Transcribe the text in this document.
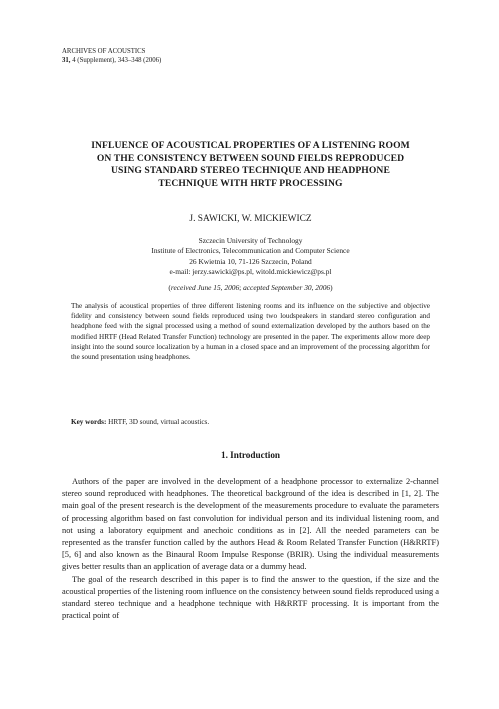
ARCHIVES OF ACOUSTICS
31, 4 (Supplement), 343–348 (2006)
INFLUENCE OF ACOUSTICAL PROPERTIES OF A LISTENING ROOM
ON THE CONSISTENCY BETWEEN SOUND FIELDS REPRODUCED
USING STANDARD STEREO TECHNIQUE AND HEADPHONE
TECHNIQUE WITH HRTF PROCESSING
J. SAWICKI, W. MICKIEWICZ
Szczecin University of Technology
Institute of Electronics, Telecommunication and Computer Science
26 Kwietnia 10, 71-126 Szczecin, Poland
e-mail: jerzy.sawicki@ps.pl, witold.mickiewicz@ps.pl
(received June 15, 2006; accepted September 30, 2006)
The analysis of acoustical properties of three different listening rooms and its influence on the subjective and objective fidelity and consistency between sound fields reproduced using two loudspeakers in standard stereo configuration and headphone feed with the signal processed using a method of sound externalization developed by the authors based on the modified HRTF (Head Related Transfer Function) technology are presented in the paper. The experiments allow more deep insight into the sound source localization by a human in a closed space and an improvement of the processing algorithm for the sound presentation using headphones.
Key words: HRTF, 3D sound, virtual acoustics.
1. Introduction

Authors of the paper are involved in the development of a headphone processor to externalize 2-channel stereo sound reproduced with headphones. The theoretical background of the idea is described in [1, 2]. The main goal of the present research is the development of the measurements procedure to evaluate the parameters of processing algorithm based on fast convolution for individual person and its individual listening room, and not using a laboratory equipment and anechoic conditions as in [2]. All the needed parameters can be represented as the transfer function called by the authors Head & Room Related Transfer Function (H&RRTF) [5, 6] and also known as the Binaural Room Impulse Response (BRIR). Using the individual measurements gives better results than an application of average data or a dummy head.

The goal of the research described in this paper is to find the answer to the question, if the size and the acoustical properties of the listening room influence on the consistency between sound fields reproduced using a standard stereo technique and a headphone technique with H&RRTF processing. It is important from the practical point of
